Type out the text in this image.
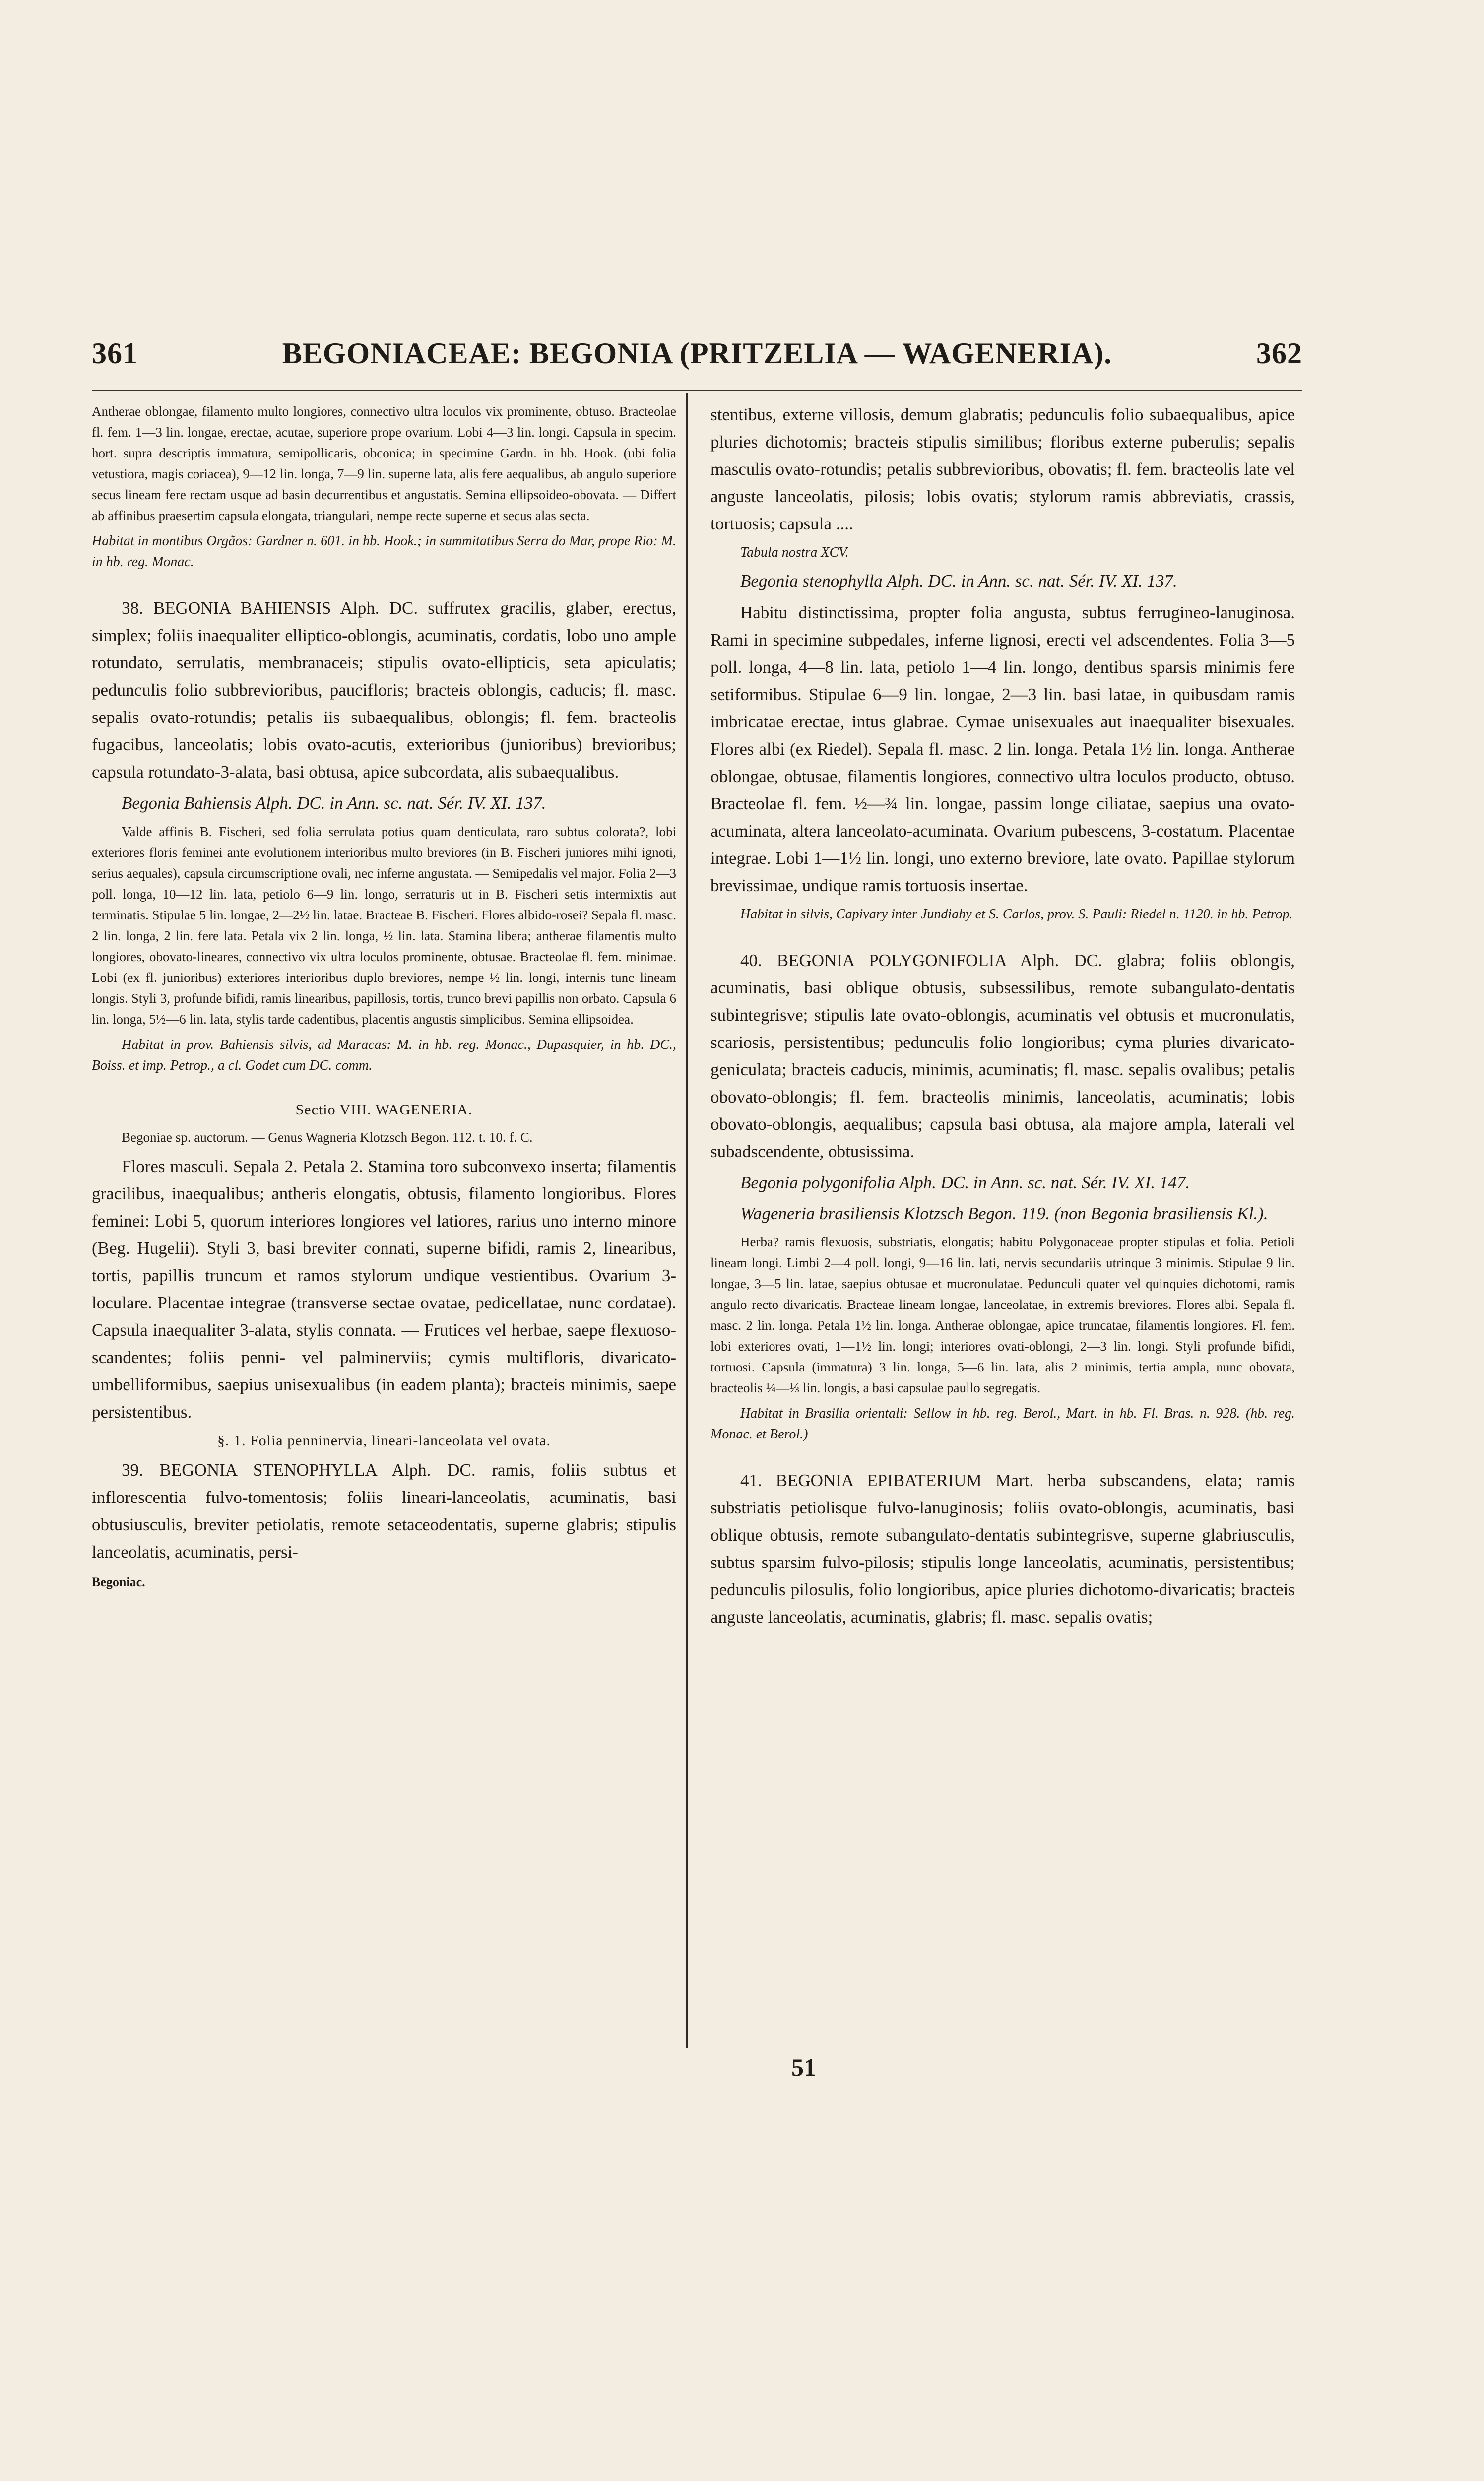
361	BEGONIACEAE: BEGONIA (PRITZELIA — WAGENERIA).	362

Antherae oblongae, filamento multo longiores, connectivo ultra loculos vix prominente, obtuso. Bracteolae fl. fem. 1—3 lin. longae, erectae, acutae, superiore prope ovarium. Lobi 4—3 lin. longi. Capsula in specim. hort. supra descriptis immatura, semipollicaris, obconica; in specimine Gardn. in hb. Hook. (ubi folia vetustiora, magis coriacea), 9—12 lin. longa, 7—9 lin. superne lata, alis fere aequalibus, ab angulo superiore secus lineam fere rectam usque ad basin decurrentibus et angustatis. Semina ellipsoideo-obovata. — Differt ab affinibus praesertim capsula elongata, triangulari, nempe recte superne et secus alas secta.

Habitat in montibus Orgãos: Gardner n. 601. in hb. Hook.; in summitatibus Serra do Mar, prope Rio: M. in hb. reg. Monac.

38. BEGONIA BAHIENSIS Alph. DC. suffrutex gracilis, glaber, erectus, simplex; foliis inaequaliter elliptico-oblongis, acuminatis, cordatis, lobo uno ample rotundato, serrulatis, membranaceis; stipulis ovato-ellipticis, seta apiculatis; pedunculis folio subbrevioribus, paucifloris; bracteis oblongis, caducis; fl. masc. sepalis ovato-rotundis; petalis iis subaequalibus, oblongis; fl. fem. bracteolis fugacibus, lanceolatis; lobis ovato-acutis, exterioribus (junioribus) brevioribus; capsula rotundato-3-alata, basi obtusa, apice subcordata, alis subaequalibus.

Begonia Bahiensis Alph. DC. in Ann. sc. nat. Sér. IV. XI. 137.

Valde affinis B. Fischeri, sed folia serrulata potius quam denticulata, raro subtus colorata?, lobi exteriores floris feminei ante evolutionem interioribus multo breviores (in B. Fischeri juniores mihi ignoti, serius aequales), capsula circumscriptione ovali, nec inferne angustata. — Semipedalis vel major. Folia 2—3 poll. longa, 10—12 lin. lata, petiolo 6—9 lin. longo, serraturis ut in B. Fischeri setis intermixtis aut terminatis. Stipulae 5 lin. longae, 2—2½ lin. latae. Bracteae B. Fischeri. Flores albido-rosei? Sepala fl. masc. 2 lin. longa, 2 lin. fere lata. Petala vix 2 lin. longa, ½ lin. lata. Stamina libera; antherae filamentis multo longiores, obovato-lineares, connectivo vix ultra loculos prominente, obtusae. Bracteolae fl. fem. minimae. Lobi (ex fl. junioribus) exteriores interioribus duplo breviores, nempe ½ lin. longi, internis tunc lineam longis. Styli 3, profunde bifidi, ramis linearibus, papillosis, tortis, trunco brevi papillis non orbato. Capsula 6 lin. longa, 5½—6 lin. lata, stylis tarde cadentibus, placentis angustis simplicibus. Semina ellipsoidea.

Habitat in prov. Bahiensis silvis, ad Maracas: M. in hb. reg. Monac., Dupasquier, in hb. DC., Boiss. et imp. Petrop., a cl. Godet cum DC. comm.

Sectio VIII. WAGENERIA.

Begoniae sp. auctorum. — Genus Wagneria Klotzsch Begon. 112. t. 10. f. C.

Flores masculi. Sepala 2. Petala 2. Stamina toro subconvexo inserta; filamentis gracilibus, inaequalibus; antheris elongatis, obtusis, filamento longioribus. Flores feminei: Lobi 5, quorum interiores longiores vel latiores, rarius uno interno minore (Beg. Hugelii). Styli 3, basi breviter connati, superne bifidi, ramis 2, linearibus, tortis, papillis truncum et ramos stylorum undique vestientibus. Ovarium 3-loculare. Placentae integrae (transverse sectae ovatae, pedicellatae, nunc cordatae). Capsula inaequaliter 3-alata, stylis connata. — Frutices vel herbae, saepe flexuoso-scandentes; foliis penni- vel palminerviis; cymis multifloris, divaricato-umbelliformibus, saepius unisexualibus (in eadem planta); bracteis minimis, saepe persistentibus.

§. 1. Folia penninervia, lineari-lanceolata vel ovata.

39. BEGONIA STENOPHYLLA Alph. DC. ramis, foliis subtus et inflorescentia fulvo-tomentosis; foliis lineari-lanceolatis, acuminatis, basi obtusiusculis, breviter petiolatis, remote setaceodentatis, superne glabris; stipulis lanceolatis, acuminatis, persi-

Begoniac.

stentibus, externe villosis, demum glabratis; pedunculis folio subaequalibus, apice pluries dichotomis; bracteis stipulis similibus; floribus externe puberulis; sepalis masculis ovato-rotundis; petalis subbrevioribus, obovatis; fl. fem. bracteolis late vel anguste lanceolatis, pilosis; lobis ovatis; stylorum ramis abbreviatis, crassis, tortuosis; capsula ....

Tabula nostra XCV.

Begonia stenophylla Alph. DC. in Ann. sc. nat. Sér. IV. XI. 137.

Habitu distinctissima, propter folia angusta, subtus ferrugineo-lanuginosa. Rami in specimine subpedales, inferne lignosi, erecti vel adscendentes. Folia 3—5 poll. longa, 4—8 lin. lata, petiolo 1—4 lin. longo, dentibus sparsis minimis fere setiformibus. Stipulae 6—9 lin. longae, 2—3 lin. basi latae, in quibusdam ramis imbricatae erectae, intus glabrae. Cymae unisexuales aut inaequaliter bisexuales. Flores albi (ex Riedel). Sepala fl. masc. 2 lin. longa. Petala 1½ lin. longa. Antherae oblongae, obtusae, filamentis longiores, connectivo ultra loculos producto, obtuso. Bracteolae fl. fem. ½—¾ lin. longae, passim longe ciliatae, saepius una ovato-acuminata, altera lanceolato-acuminata. Ovarium pubescens, 3-costatum. Placentae integrae. Lobi 1—1½ lin. longi, uno externo breviore, late ovato. Papillae stylorum brevissimae, undique ramis tortuosis insertae.

Habitat in silvis, Capivary inter Jundiahy et S. Carlos, prov. S. Pauli: Riedel n. 1120. in hb. Petrop.

40. BEGONIA POLYGONIFOLIA Alph. DC. glabra; foliis oblongis, acuminatis, basi oblique obtusis, subsessilibus, remote subangulato-dentatis subintegrisve; stipulis late ovato-oblongis, acuminatis vel obtusis et mucronulatis, scariosis, persistentibus; pedunculis folio longioribus; cyma pluries divaricato-geniculata; bracteis caducis, minimis, acuminatis; fl. masc. sepalis ovalibus; petalis obovato-oblongis; fl. fem. bracteolis minimis, lanceolatis, acuminatis; lobis obovato-oblongis, aequalibus; capsula basi obtusa, ala majore ampla, laterali vel subadscendente, obtusissima.

Begonia polygonifolia Alph. DC. in Ann. sc. nat. Sér. IV. XI. 147.

Wageneria brasiliensis Klotzsch Begon. 119. (non Begonia brasiliensis Kl.).

Herba? ramis flexuosis, substriatis, elongatis; habitu Polygonaceae propter stipulas et folia. Petioli lineam longi. Limbi 2—4 poll. longi, 9—16 lin. lati, nervis secundariis utrinque 3 minimis. Stipulae 9 lin. longae, 3—5 lin. latae, saepius obtusae et mucronulatae. Pedunculi quater vel quinquies dichotomi, ramis angulo recto divaricatis. Bracteae lineam longae, lanceolatae, in extremis breviores. Flores albi. Sepala fl. masc. 2 lin. longa. Petala 1½ lin. longa. Antherae oblongae, apice truncatae, filamentis longiores. Fl. fem. lobi exteriores ovati, 1—1½ lin. longi; interiores ovati-oblongi, 2—3 lin. longi. Styli profunde bifidi, tortuosi. Capsula (immatura) 3 lin. longa, 5—6 lin. lata, alis 2 minimis, tertia ampla, nunc obovata, bracteolis ¼—⅓ lin. longis, a basi capsulae paullo segregatis.

Habitat in Brasilia orientali: Sellow in hb. reg. Berol., Mart. in hb. Fl. Bras. n. 928. (hb. reg. Monac. et Berol.)

41. BEGONIA EPIBATERIUM Mart. herba subscandens, elata; ramis substriatis petiolisque fulvo-lanuginosis; foliis ovato-oblongis, acuminatis, basi oblique obtusis, remote subangulato-dentatis subintegrisve, superne glabriusculis, subtus sparsim fulvo-pilosis; stipulis longe lanceolatis, acuminatis, persistentibus; pedunculis pilosulis, folio longioribus, apice pluries dichotomo-divaricatis; bracteis anguste lanceolatis, acuminatis, glabris; fl. masc. sepalis ovatis;

51
